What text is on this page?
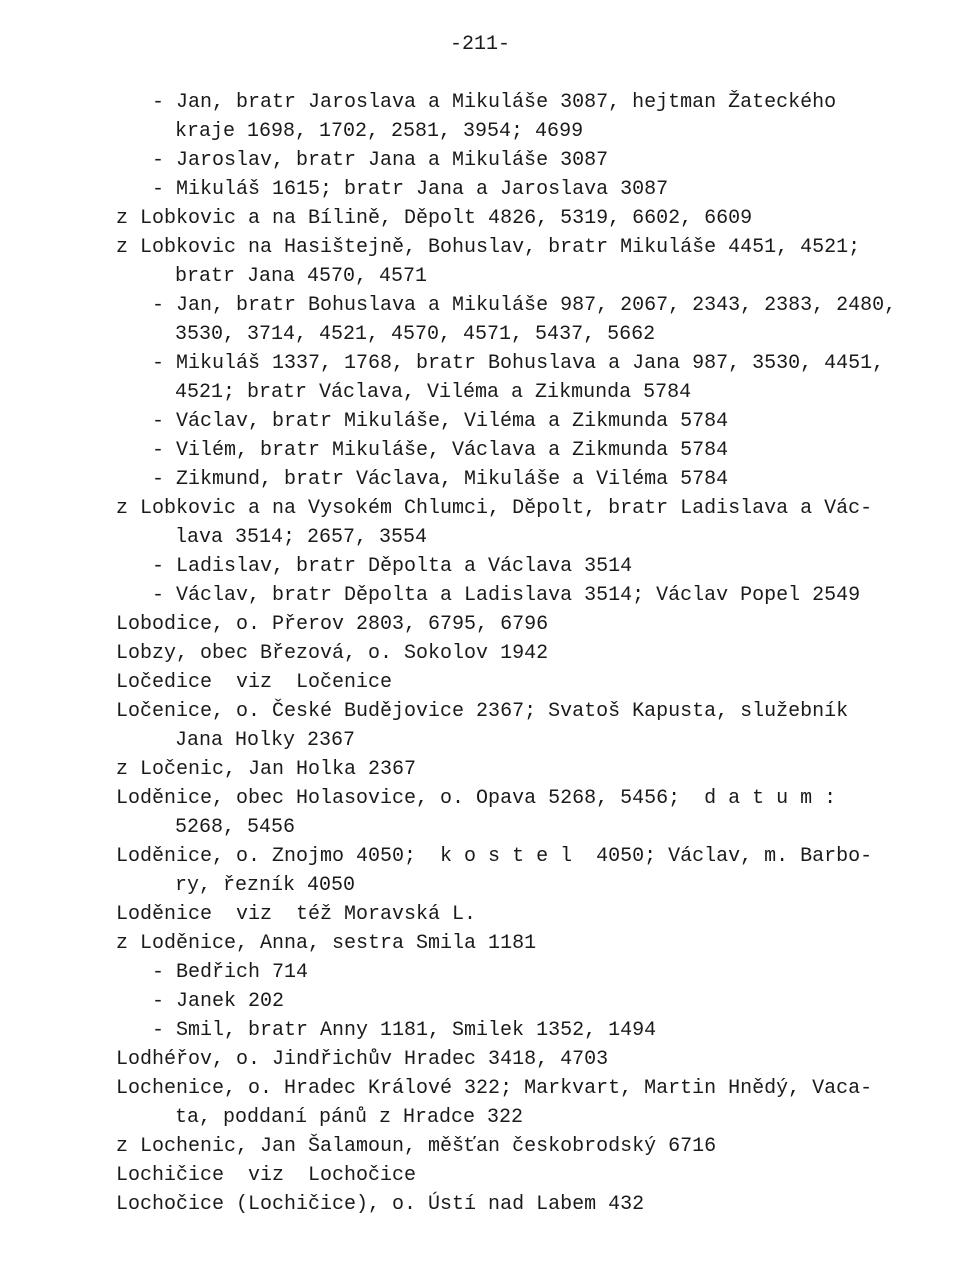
-211-
- Jan, bratr Jaroslava a Mikuláše 3087, hejtman Žateckého
kraje 1698, 1702, 2581, 3954; 4699
- Jaroslav, bratr Jana a Mikuláše 3087
- Mikuláš 1615; bratr Jana a Jaroslava 3087
z Lobkovic a na Bílině, Děpolt 4826, 5319, 6602, 6609
z Lobkovic na Hasištejně, Bohuslav, bratr Mikuláše 4451, 4521;
bratr Jana 4570, 4571
- Jan, bratr Bohuslava a Mikuláše 987, 2067, 2343, 2383, 2480,
3530, 3714, 4521, 4570, 4571, 5437, 5662
- Mikuláš 1337, 1768, bratr Bohuslava a Jana 987, 3530, 4451,
4521; bratr Václava, Viléma a Zikmunda 5784
- Václav, bratr Mikuláše, Viléma a Zikmunda 5784
- Vilém, bratr Mikuláše, Václava a Zikmunda 5784
- Zikmund, bratr Václava, Mikuláše a Viléma 5784
z Lobkovic a na Vysokém Chlumci, Děpolt, bratr Ladislava a Vác-
lava 3514; 2657, 3554
- Ladislav, bratr Děpolta a Václava 3514
- Václav, bratr Děpolta a Ladislava 3514; Václav Popel 2549
Lobodice, o. Přerov 2803, 6795, 6796
Lobzy, obec Březová, o. Sokolov 1942
Ločedice  viz  Ločenice
Ločenice, o. České Budějovice 2367; Svatoš Kapusta, služebník
Jana Holky 2367
z Ločenic, Jan Holka 2367
Loděnice, obec Holasovice, o. Opava 5268, 5456;  d a t u m :
5268, 5456
Loděnice, o. Znojmo 4050;  k o s t e l  4050; Václav, m. Barbo-
ry, řezník 4050
Loděnice  viz  též Moravská L.
z Loděnice, Anna, sestra Smila 1181
- Bedřich 714
- Janek 202
- Smil, bratr Anny 1181, Smilek 1352, 1494
Lodhéřov, o. Jindřichův Hradec 3418, 4703
Lochenice, o. Hradec Králové 322; Markvart, Martin Hnědý, Vaca-
ta, poddaní pánů z Hradce 322
z Lochenic, Jan Šalamoun, měšťan českobrodský 6716
Lochičice  viz  Lochočice
Lochočice (Lochičice), o. Ústí nad Labem 432
